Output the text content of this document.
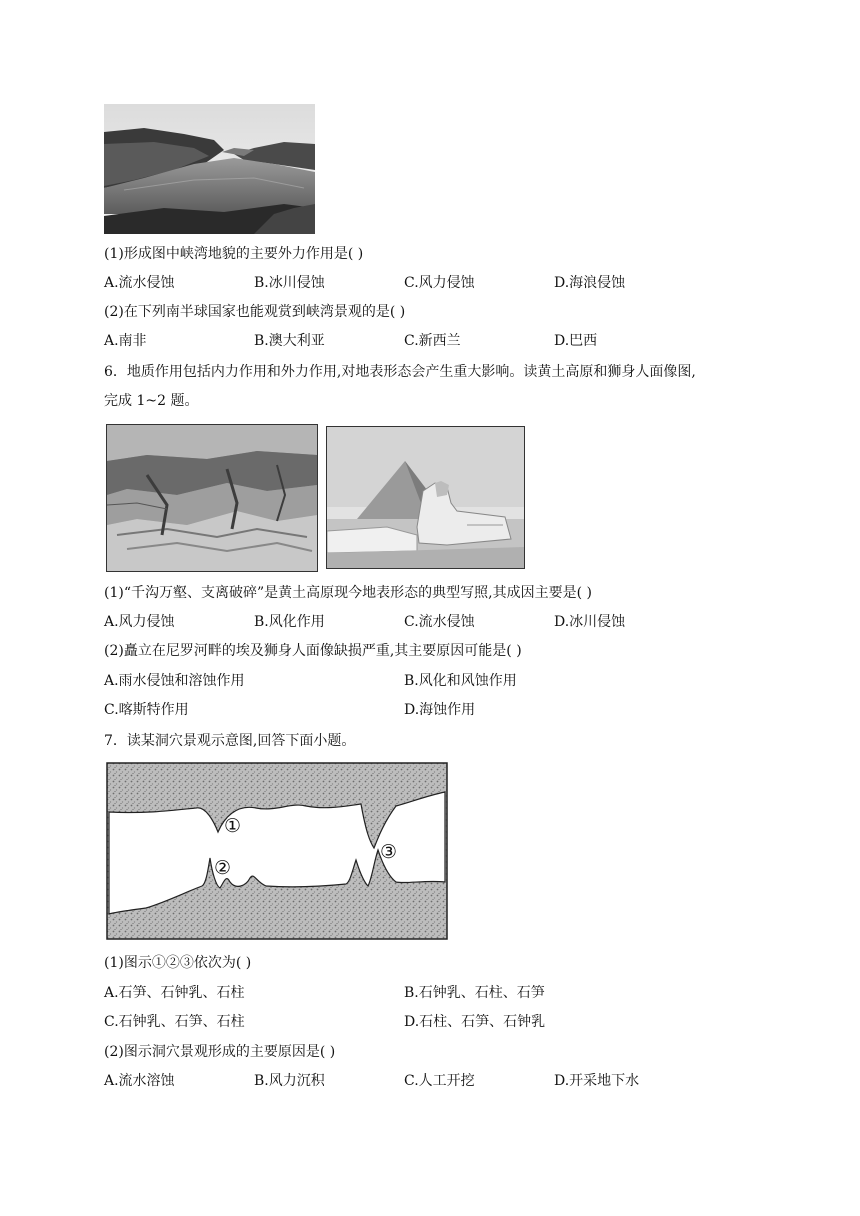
(1)形成图中峡湾地貌的主要外力作用是( )
A.流水侵蚀	B.冰川侵蚀	C.风力侵蚀	D.海浪侵蚀
(2)在下列南半球国家也能观赏到峡湾景观的是( )
A.南非	B.澳大利亚	C.新西兰	D.巴西
6．地质作用包括内力作用和外力作用,对地表形态会产生重大影响。读黄土高原和狮身人面像图,
完成 1~2 题。
(1)“千沟万壑、支离破碎”是黄土高原现今地表形态的典型写照,其成因主要是( )
A.风力侵蚀	B.风化作用	C.流水侵蚀	D.冰川侵蚀
(2)矗立在尼罗河畔的埃及狮身人面像缺损严重,其主要原因可能是( )
A.雨水侵蚀和溶蚀作用	B.风化和风蚀作用
C.喀斯特作用	D.海蚀作用
7．读某洞穴景观示意图,回答下面小题。
①
②
③
(1)图示①②③依次为( )
A.石笋、石钟乳、石柱	B.石钟乳、石柱、石笋
C.石钟乳、石笋、石柱	D.石柱、石笋、石钟乳
(2)图示洞穴景观形成的主要原因是( )
A.流水溶蚀	B.风力沉积	C.人工开挖	D.开采地下水
